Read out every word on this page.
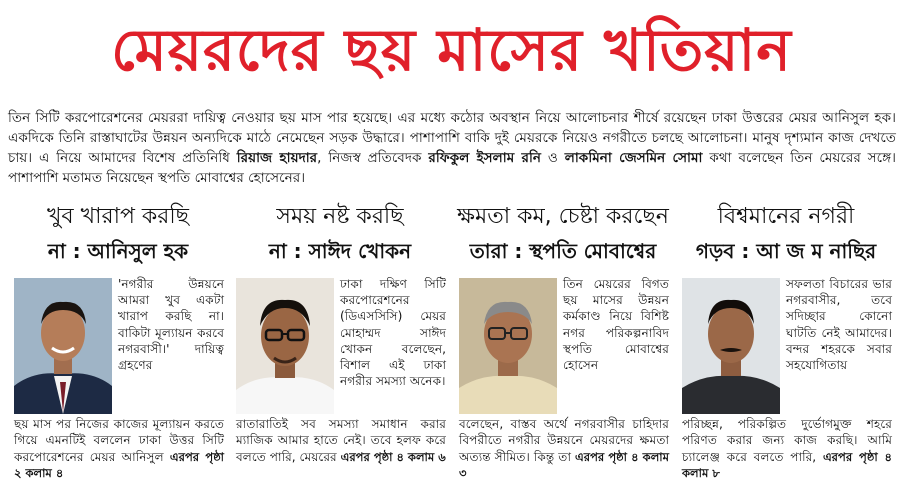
মেয়রদের ছয় মাসের খতিয়ান
তিন সিটি করপোরেশনের মেয়ররা দায়িত্ব নেওয়ার ছয় মাস পার হয়েছে। এর মধ্যে কঠোর অবস্থান নিয়ে আলোচনার শীর্ষে রয়েছেন ঢাকা উত্তরের মেয়র আনিসুল হক। একদিকে তিনি রাস্তাঘাটের উন্নয়ন অন্যদিকে মাঠে নেমেছেন সড়ক উদ্ধারে। পাশাপাশি বাকি দুই মেয়রকে নিয়েও নগরীতে চলছে আলোচনা। মানুষ দৃশ্যমান কাজ দেখতে চায়। এ নিয়ে আমাদের বিশেষ প্রতিনিধি রিয়াজ হায়দার, নিজস্ব প্রতিবেদক রফিকুল ইসলাম রনি ও লাকমিনা জেসমিন সোমা কথা বলেছেন তিন মেয়রের সঙ্গে। পাশাপাশি মতামত নিয়েছেন স্থপতি মোবাশ্বের হোসেনের।
খুব খারাপ করছি
না : আনিসুল হক
'নগরীর উন্নয়নে আমরা খুব একটা খারাপ করছি না। বাকিটা মূল্যায়ন করবে নগরবাসী।' দায়িত্ব গ্রহণের
ছয় মাস পর নিজের কাজের মূল্যায়ন করতে গিয়ে এমনটিই বললেন ঢাকা উত্তর সিটি করপোরেশনের মেয়র আনিসুল এরপর পৃষ্ঠা ২ কলাম ৪
সময় নষ্ট করছি
না : সাঈদ খোকন
ঢাকা দক্ষিণ সিটি করপোরেশনের (ডিএসসিসি) মেয়র মোহাম্মদ সাঈদ খোকন বলেছেন, বিশাল এই ঢাকা নগরীর সমস্যা অনেক।
রাতারাতিই সব সমস্যা সমাধান করার ম্যাজিক আমার হাতে নেই। তবে হলফ করে বলতে পারি, মেয়রের এরপর পৃষ্ঠা ৪ কলাম ৬
ক্ষমতা কম, চেষ্টা করছেন
তারা : স্থপতি মোবাশ্বের
তিন মেয়রের বিগত ছয় মাসের উন্নয়ন কর্মকাণ্ড নিয়ে বিশিষ্ট নগর পরিকল্পনাবিদ স্থপতি মোবাশ্বের হোসেন
বলেছেন, বাস্তব অর্থে নগরবাসীর চাহিদার বিপরীতে নগরীর উন্নয়নে মেয়রদের ক্ষমতা অত্যন্ত সীমিত। কিন্তু তা এরপর পৃষ্ঠা ৪ কলাম ৩
বিশ্বমানের নগরী
গড়ব : আ জ ম নাছির
সফলতা বিচারের ভার নগরবাসীর, তবে সদিচ্ছার কোনো ঘাটতি নেই আমাদের। বন্দর শহরকে সবার সহযোগিতায়
পরিচ্ছন্ন, পরিকল্পিত দুর্ভোগমুক্ত শহরে পরিণত করার জন্য কাজ করছি। আমি চ্যালেঞ্জ করে বলতে পারি, এরপর পৃষ্ঠা ৪ কলাম ৮
